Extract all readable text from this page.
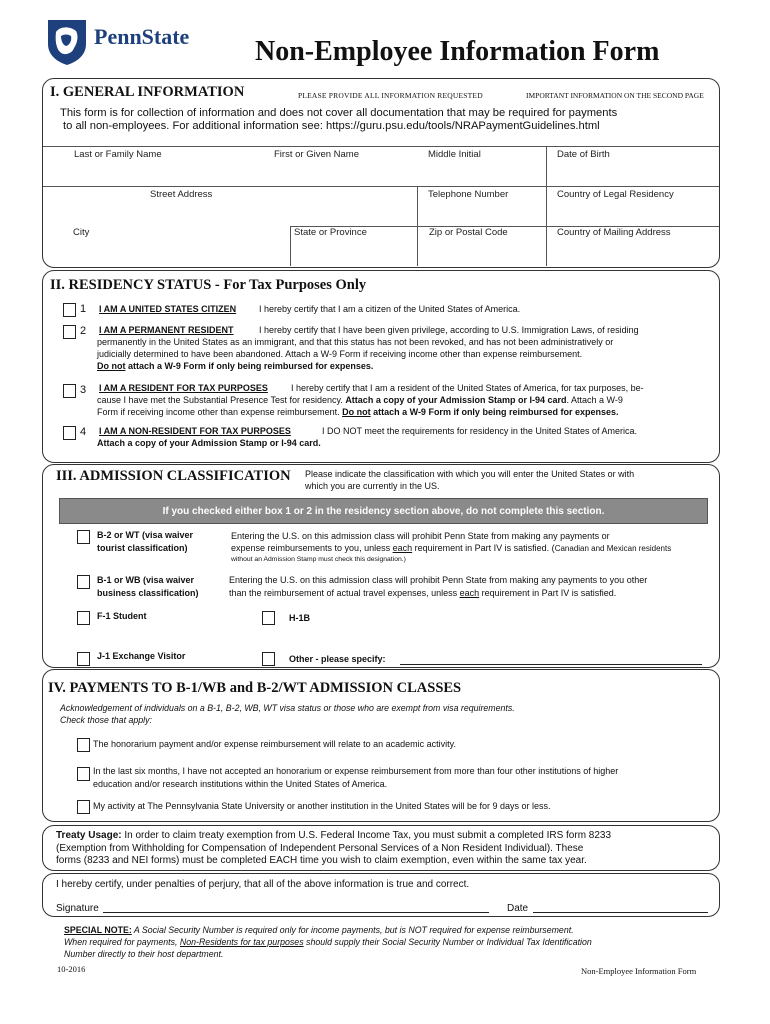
PennState Non-Employee Information Form
I. GENERAL INFORMATION	PLEASE PROVIDE ALL INFORMATION REQUESTED	IMPORTANT INFORMATION ON THE SECOND PAGE
This form is for collection of information and does not cover all documentation that may be required for payments
to all non-employees. For additional information see: https://guru.psu.edu/tools/NRAPaymentGuidelines.html
Last or Family Name	First or Given Name	Middle Initial	Date of Birth
Street Address	Telephone Number	Country of Legal Residency
City	State or Province	Zip or Postal Code	Country of Mailing Address
II. RESIDENCY STATUS - For Tax Purposes Only
1 I AM A UNITED STATES CITIZEN	I hereby certify that I am a citizen of the United States of America.
2 I AM A PERMANENT RESIDENT	I hereby certify that I have been given privilege, according to U.S. Immigration Laws, of residing
permanently in the United States as an immigrant, and that this status has not been revoked, and has not been administratively or
judicially determined to have been abandoned. Attach a W-9 Form if receiving income other than expense reimbursement.
Do not attach a W-9 Form if only being reimbursed for expenses.
3 I AM A RESIDENT FOR TAX PURPOSES	I hereby certify that I am a resident of the United States of America, for tax purposes, be-
cause I have met the Substantial Presence Test for residency. Attach a copy of your Admission Stamp or I-94 card. Attach a W-9
Form if receiving income other than expense reimbursement. Do not attach a W-9 Form if only being reimbursed for expenses.
4 I AM A NON-RESIDENT FOR TAX PURPOSES	I DO NOT meet the requirements for residency in the United States of America.
Attach a copy of your Admission Stamp or I-94 card.
III. ADMISSION CLASSIFICATION Please indicate the classification with which you will enter the United States or with
which you are currently in the US.
If you checked either box 1 or 2 in the residency section above, do not complete this section.
B-2 or WT (visa waiver
tourist classification)
Entering the U.S. on this admission class will prohibit Penn State from making any payments or
expense reimbursements to you, unless each requirement in Part IV is satisfied. (Canadian and Mexican residents
without an Admission Stamp must check this designation.)
B-1 or WB (visa waiver
business classification)
Entering the U.S. on this admission class will prohibit Penn State from making any payments to you other
than the reimbursement of actual travel expenses, unless each requirement in Part IV is satisfied.
F-1 Student	H-1B
J-1 Exchange Visitor	Other - please specify:
IV. PAYMENTS TO B-1/WB and B-2/WT ADMISSION CLASSES
Acknowledgement of individuals on a B-1, B-2, WB, WT visa status or those who are exempt from visa requirements.
Check those that apply:
The honorarium payment and/or expense reimbursement will relate to an academic activity.
In the last six months, I have not accepted an honorarium or expense reimbursement from more than four other institutions of higher
education and/or research institutions within the United States of America.
My activity at The Pennsylvania State University or another institution in the United States will be for 9 days or less.
Treaty Usage: In order to claim treaty exemption from U.S. Federal Income Tax, you must submit a completed IRS form 8233
(Exemption from Withholding for Compensation of Independent Personal Services of a Non Resident Individual). These
forms (8233 and NEI forms) must be completed EACH time you wish to claim exemption, even within the same tax year.
I hereby certify, under penalties of perjury, that all of the above information is true and correct.
Signature	Date
SPECIAL NOTE: A Social Security Number is required only for income payments, but is NOT required for expense reimbursement.
When required for payments, Non-Residents for tax purposes should supply their Social Security Number or Individual Tax Identification
Number directly to their host department.
10-2016	Non-Employee Information Form
